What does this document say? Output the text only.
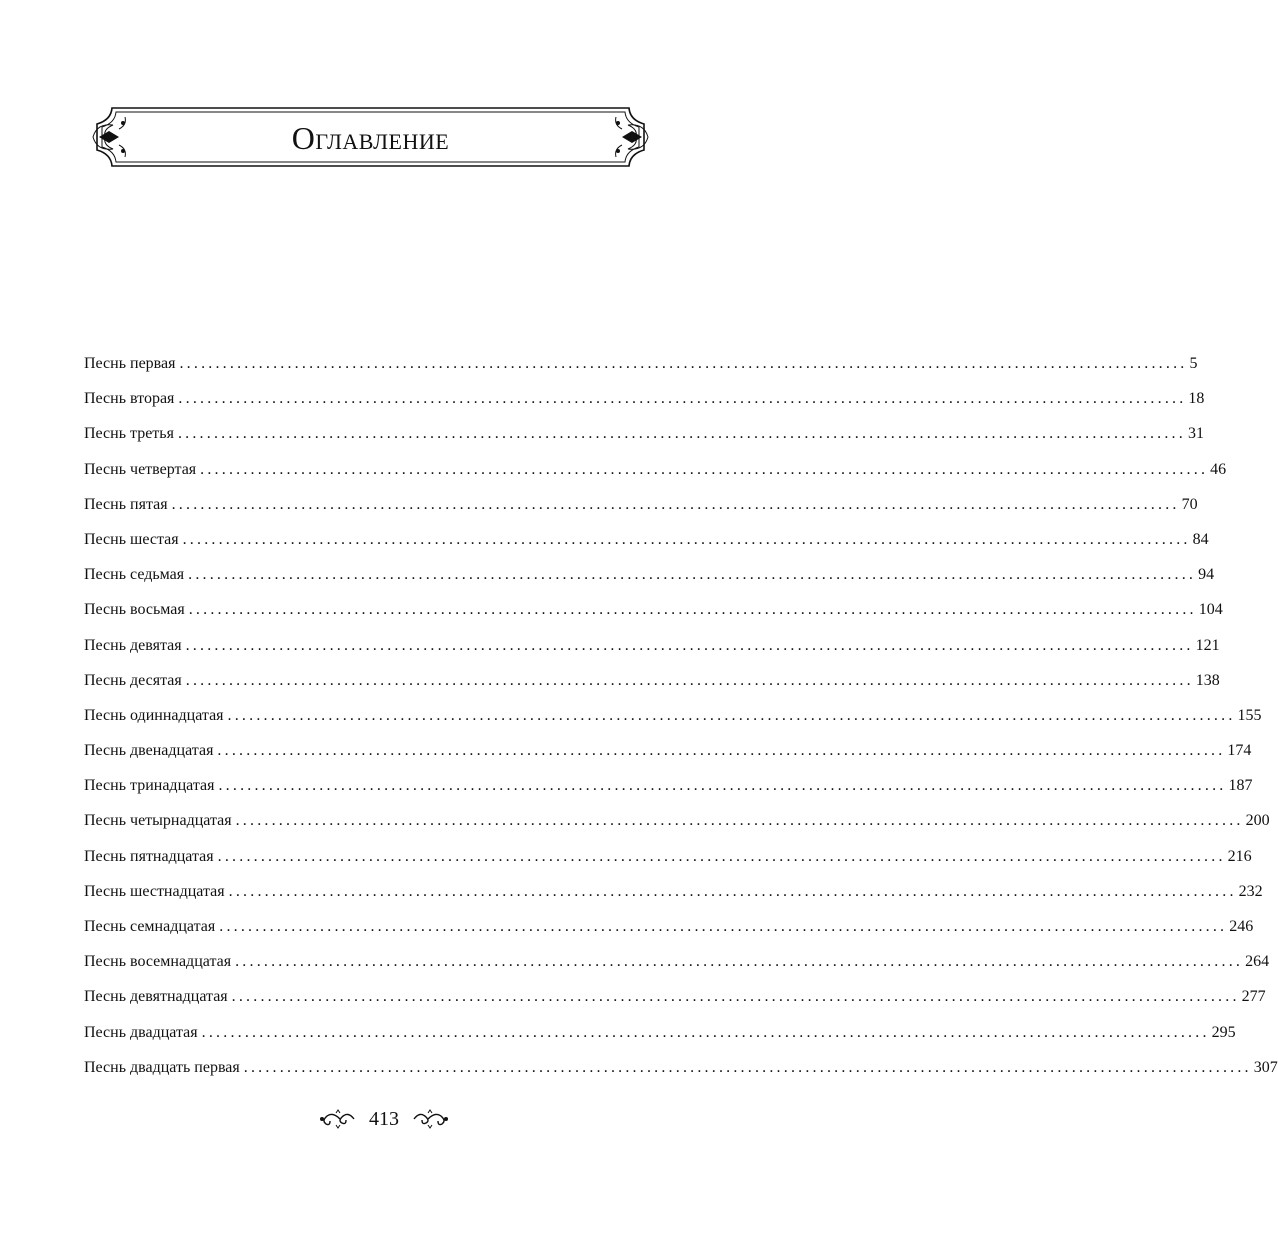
Оглавление
Песнь первая ............................................................................................................................................ 5
Песнь вторая ............................................................................................................................................ 18
Песнь третья ............................................................................................................................................ 31
Песнь четвертая ............................................................................................................................................ 46
Песнь пятая ............................................................................................................................................ 70
Песнь шестая ............................................................................................................................................ 84
Песнь седьмая ............................................................................................................................................ 94
Песнь восьмая ............................................................................................................................................ 104
Песнь девятая ............................................................................................................................................ 121
Песнь десятая ............................................................................................................................................ 138
Песнь одиннадцатая ............................................................................................................................................ 155
Песнь двенадцатая ............................................................................................................................................ 174
Песнь тринадцатая ............................................................................................................................................ 187
Песнь четырнадцатая ............................................................................................................................................ 200
Песнь пятнадцатая ............................................................................................................................................ 216
Песнь шестнадцатая ............................................................................................................................................ 232
Песнь семнадцатая ............................................................................................................................................ 246
Песнь восемнадцатая ............................................................................................................................................ 264
Песнь девятнадцатая ............................................................................................................................................ 277
Песнь двадцатая ............................................................................................................................................ 295
Песнь двадцать первая ............................................................................................................................................ 307
413
